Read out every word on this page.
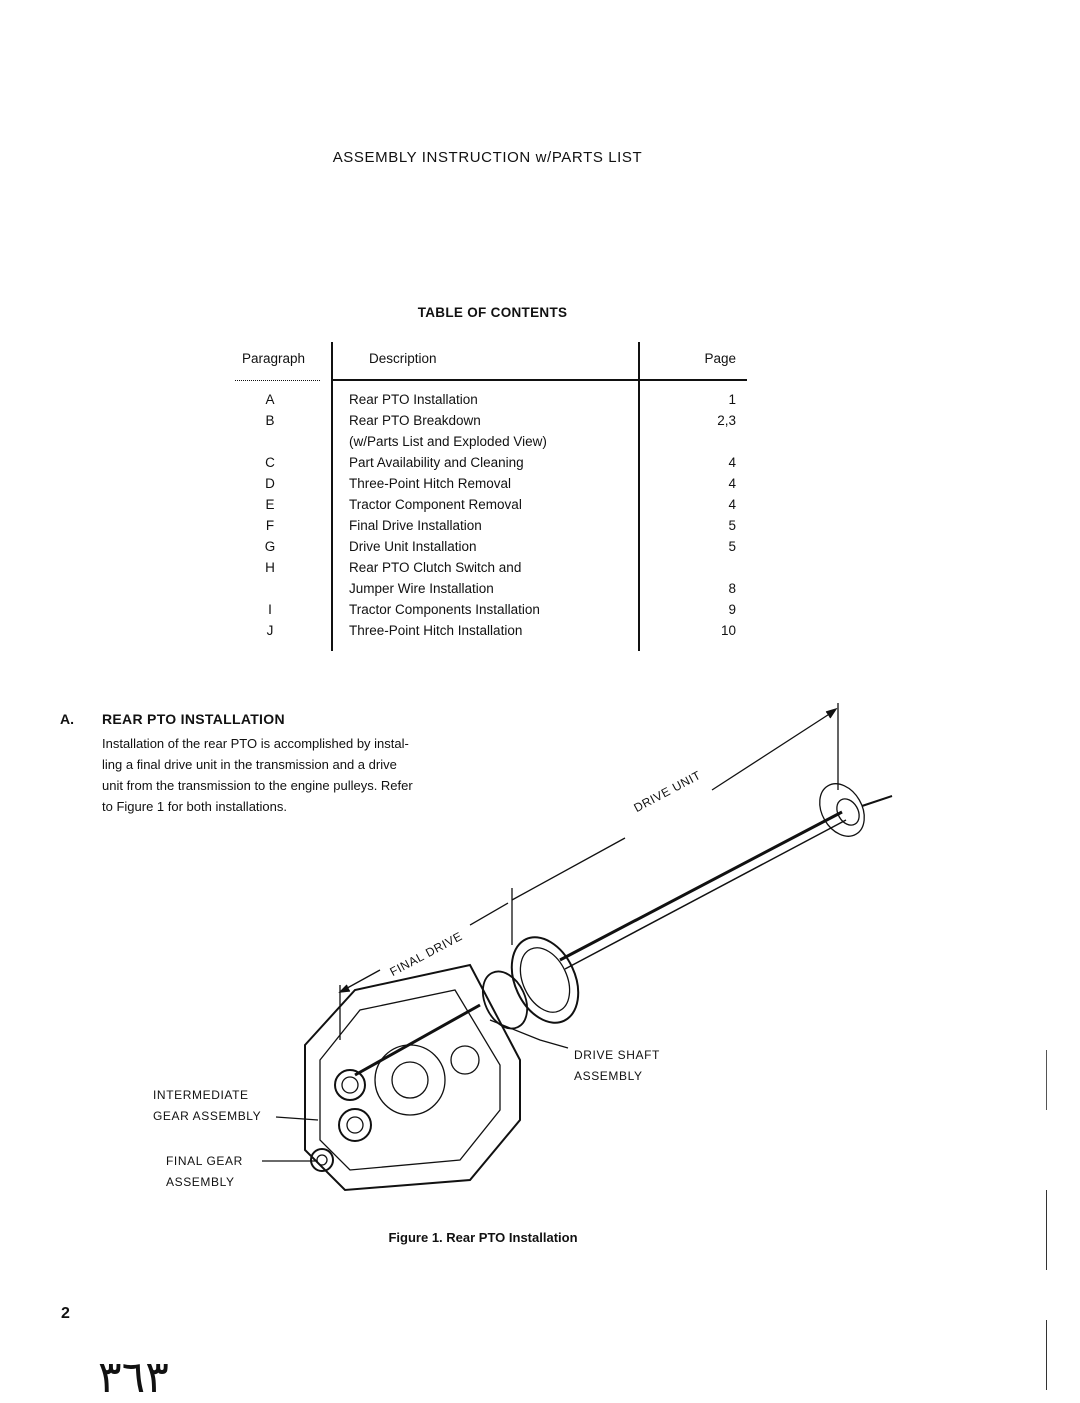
ASSEMBLY INSTRUCTION w/PARTS LIST
TABLE OF CONTENTS
Paragraph	Description	Page
A	Rear PTO Installation	1
B	Rear PTO Breakdown	2,3
(w/Parts List and Exploded View)
C	Part Availability and Cleaning	4
D	Three-Point Hitch Removal	4
E	Tractor Component Removal	4
F	Final Drive Installation	5
G	Drive Unit Installation	5
H	Rear PTO Clutch Switch and
Jumper Wire Installation	8
I	Tractor Components Installation	9
J	Three-Point Hitch Installation	10
A. REAR PTO INSTALLATION
Installation of the rear PTO is accomplished by instal-
ling a final drive unit in the transmission and a drive
unit from the transmission to the engine pulleys. Refer
to Figure 1 for both installations.	DRIVE UNIT
FINAL DRIVE
DRIVE SHAFT
ASSEMBLY
INTERMEDIATE
GEAR ASSEMBLY
FINAL GEAR
ASSEMBLY
Figure 1. Rear PTO Installation
2
٣٦٣
